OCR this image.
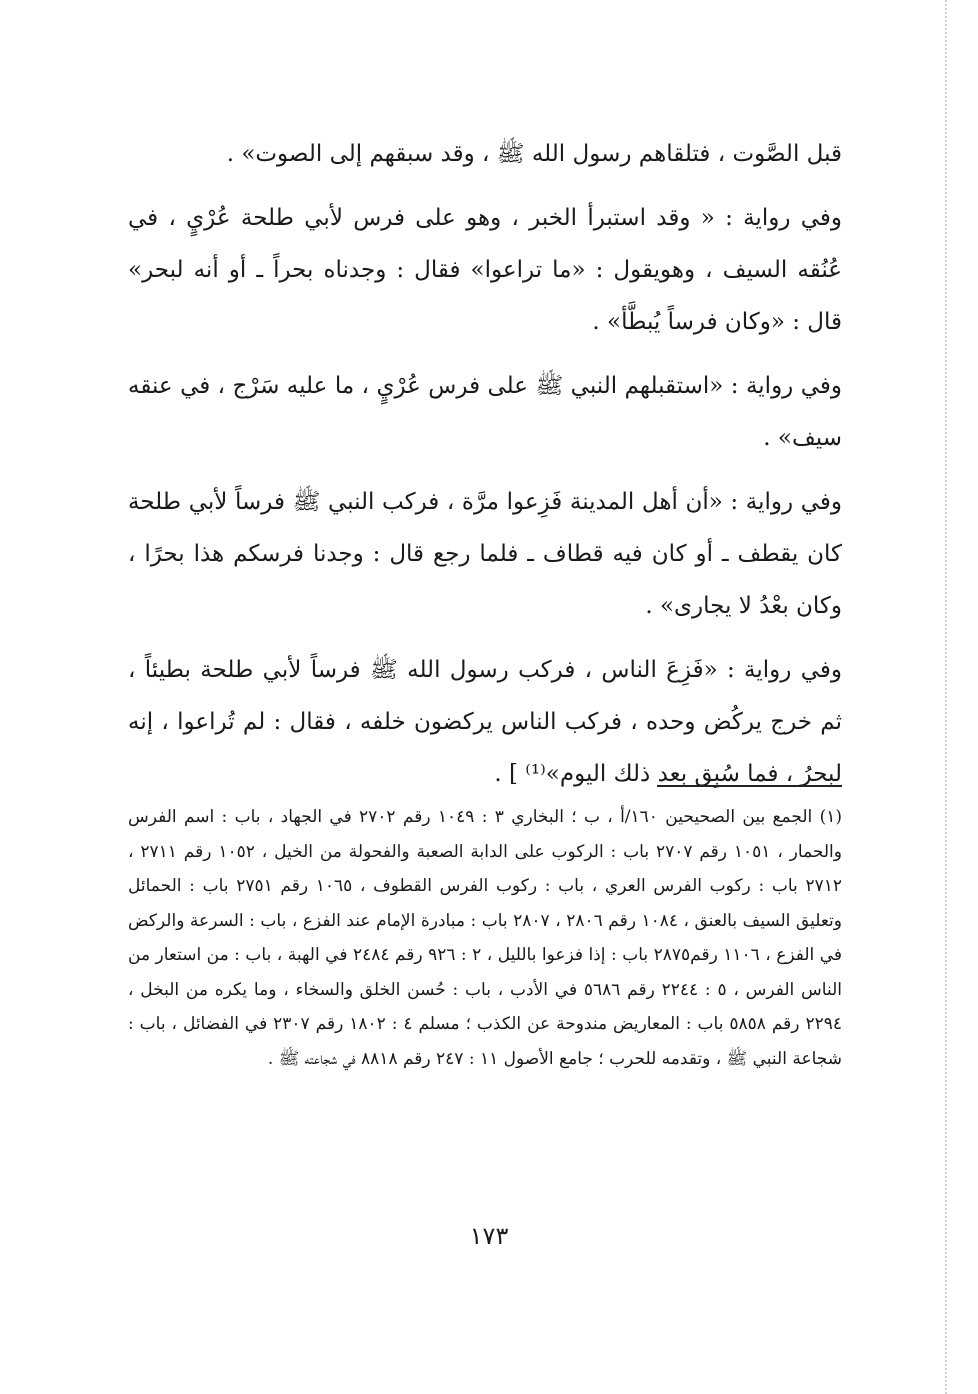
قبل الصَّوت ، فتلقاهم رسول الله ﷺ ، وقد سبقهم إلى الصوت» .

وفي رواية : « وقد استبرأ الخبر ، وهو على فرس لأبي طلحة عُرْيٍ ، في عُنُقه السيف ، وهويقول : «ما تراعوا» فقال : وجدناه بحراً ـ أو أنه لبحر» قال : «وكان فرساً يُبطَّأ» .

وفي رواية : «استقبلهم النبي ﷺ على فرس عُرْيٍ ، ما عليه سَرْج ، في عنقه سيف» .

وفي رواية : «أن أهل المدينة فَزِعوا مرَّة ، فركب النبي ﷺ فرساً لأبي طلحة كان يقطف ـ أو كان فيه قطاف ـ فلما رجع قال : وجدنا فرسكم هذا بحرًا ، وكان بعْدُ لا يجارى» .

وفي رواية : «فَزِعَ الناس ، فركب رسول الله ﷺ فرساً لأبي طلحة بطيئاً ، ثم خرج يركُض وحده ، فركب الناس يركضون خلفه ، فقال : لم تُراعوا ، إنه لبحرُ ، فما سُبِق بعد ذلك اليوم»⁽¹⁾ ] .

(١) الجمع بين الصحيحين ١٦٠/أ ، ب ؛ البخاري ٣ : ١٠٤٩ رقم ٢٧٠٢ في الجهاد ، باب : اسم الفرس والحمار ، ١٠٥١ رقم ٢٧٠٧ باب : الركوب على الدابة الصعبة والفحولة من الخيل ، ١٠٥٢ رقم ٢٧١١ ، ٢٧١٢ باب : ركوب الفرس العري ، باب : ركوب الفرس القطوف ، ١٠٦٥ رقم ٢٧٥١ باب : الحمائل وتعليق السيف بالعنق ، ١٠٨٤ رقم ٢٨٠٦ ، ٢٨٠٧ باب : مبادرة الإمام عند الفزع ، باب : السرعة والركض في الفزع ، ١١٠٦ رقم٢٨٧٥ باب : إذا فزعوا بالليل ، ٢ : ٩٢٦ رقم ٢٤٨٤ في الهبة ، باب : من استعار من الناس الفرس ، ٥ : ٢٢٤٤ رقم ٥٦٨٦ في الأدب ، باب : حُسن الخلق والسخاء ، وما يكره من البخل ، ٢٢٩٤ رقم ٥٨٥٨ باب : المعاريض مندوحة عن الكذب ؛ مسلم ٤ : ١٨٠٢ رقم ٢٣٠٧ في الفضائل ، باب : شجاعة النبي ﷺ ، وتقدمه للحرب ؛ جامع الأصول ١١ : ٢٤٧ رقم ٨٨١٨ في شجاعته ﷺ .

١٧٣
